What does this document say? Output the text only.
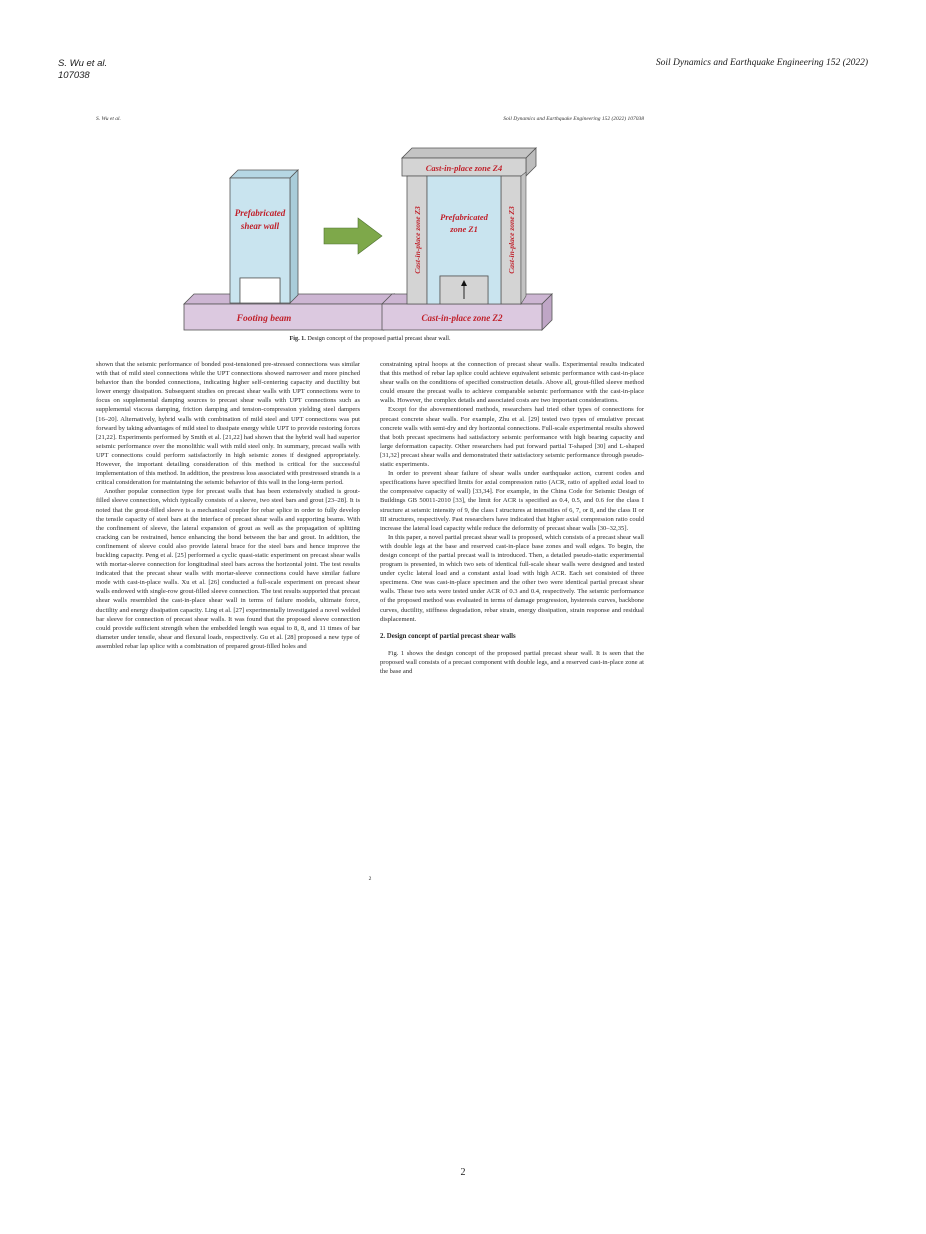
S. Wu et al.
107038
Soil Dynamics and Earthquake Engineering 152 (2022)
S. Wu et al.	Soil Dynamics and Earthquake Engineering 152 (2022) 107038
Footing beam
Prefabricated
shear wall
Cast-in-place zone Z2
Cast-in-place zone Z4
Cast-in-place zone Z3	Cast-in-place zone Z3
Prefabricated
zone Z1
Fig. 1. Design concept of the proposed partial precast shear wall.

shown that the seismic performance of bonded post-tensioned pre-stressed connections was similar with that of mild steel connections while the UPT connections showed narrower and more pinched behavior than the bonded connections, indicating higher self-centering capacity and ductility but lower energy dissipation. Subsequent studies on precast shear walls with UPT connections were to focus on supplemental damping sources to precast shear walls with UPT connections such as supplemental viscous damping, friction damping and tension-compression yielding steel dampers [16–20]. Alternatively, hybrid walls with combination of mild steel and UPT connections was put forward by taking advantages of mild steel to dissipate energy while UPT to provide restoring forces [21,22]. Experiments performed by Smith et al. [21,22] had shown that the hybrid wall had superior seismic performance over the monolithic wall with mild steel only. In summary, precast walls with UPT connections could perform satisfactorily in high seismic zones if designed appropriately. However, the important detailing consideration of this method is critical for the successful implementation of this method. In addition, the prestress loss associated with prestressed strands is a critical consideration for maintaining the seismic behavior of this wall in the long-term period.

Another popular connection type for precast walls that has been extensively studied is grout-filled sleeve connection, which typically consists of a sleeve, two steel bars and grout [23–28]. It is noted that the grout-filled sleeve is a mechanical coupler for rebar splice in order to fully develop the tensile capacity of steel bars at the interface of precast shear walls and supporting beams. With the confinement of sleeve, the lateral expansion of grout as well as the propagation of splitting cracking can be restrained, hence enhancing the bond between the bar and grout. In addition, the confinement of sleeve could also provide lateral brace for the steel bars and hence improve the buckling capacity. Peng et al. [25] performed a cyclic quasi-static experiment on precast shear walls with mortar-sleeve connection for longitudinal steel bars across the horizontal joint. The test results indicated that the precast shear walls with mortar-sleeve connections could have similar failure mode with cast-in-place walls. Xu et al. [26] conducted a full-scale experiment on precast shear walls endowed with single-row grout-filled sleeve connection. The test results supported that precast shear walls resembled the cast-in-place shear wall in terms of failure models, ultimate force, ductility and energy dissipation capacity. Ling et al. [27] experimentally investigated a novel welded bar sleeve for connection of precast shear walls. It was found that the proposed sleeve connection could provide sufficient strength when the embedded length was equal to 8, 8, and 11 times of bar diameter under tensile, shear and flexural loads, respectively. Gu et al. [28] proposed a new type of assembled rebar lap splice with a combination of prepared grout-filled holes and

constraining spiral hoops at the connection of precast shear walls. Experimental results indicated that this method of rebar lap splice could achieve equivalent seismic performance with cast-in-place shear walls on the conditions of specified construction details. Above all, grout-filled sleeve method could ensure the precast walls to achieve comparable seismic performance with the cast-in-place walls. However, the complex details and associated costs are two important considerations.

Except for the abovementioned methods, researchers had tried other types of connections for precast concrete shear walls. For example, Zhu et al. [29] tested two types of emulative precast concrete walls with semi-dry and dry horizontal connections. Full-scale experimental results showed that both precast specimens had satisfactory seismic performance with high bearing capacity and large deformation capacity. Other researchers had put forward partial T-shaped [30] and L-shaped [31,32] precast shear walls and demonstrated their satisfactory seismic performance through pseudo-static experiments.

In order to prevent shear failure of shear walls under earthquake action, current codes and specifications have specified limits for axial compression ratio (ACR, ratio of applied axial load to the compressive capacity of wall) [33,34]. For example, in the China Code for Seismic Design of Buildings GB 50011-2010 [33], the limit for ACR is specified as 0.4, 0.5, and 0.6 for the class I structure at seismic intensity of 9, the class I structures at intensities of 6, 7, or 8, and the class II or III structures, respectively. Past researchers have indicated that higher axial compression ratio could increase the lateral load capacity while reduce the deformity of precast shear walls [30–32,35].

In this paper, a novel partial precast shear wall is proposed, which consists of a precast shear wall with double legs at the base and reserved cast-in-place base zones and wall edges. To begin, the design concept of the partial precast wall is introduced. Then, a detailed pseudo-static experimental program is presented, in which two sets of identical full-scale shear walls were designed and tested under cyclic lateral load and a constant axial load with high ACR. Each set consisted of three specimens. One was cast-in-place specimen and the other two were identical partial precast shear walls. These two sets were tested under ACR of 0.3 and 0.4, respectively. The seismic performance of the proposed method was evaluated in terms of damage progression, hysteresis curves, backbone curves, ductility, stiffness degradation, rebar strain, energy dissipation, strain response and residual displacement.

2. Design concept of partial precast shear walls

Fig. 1 shows the design concept of the proposed partial precast shear wall. It is seen that the proposed wall consists of a precast component with double legs, and a reserved cast-in-place zone at the base and

2
2
